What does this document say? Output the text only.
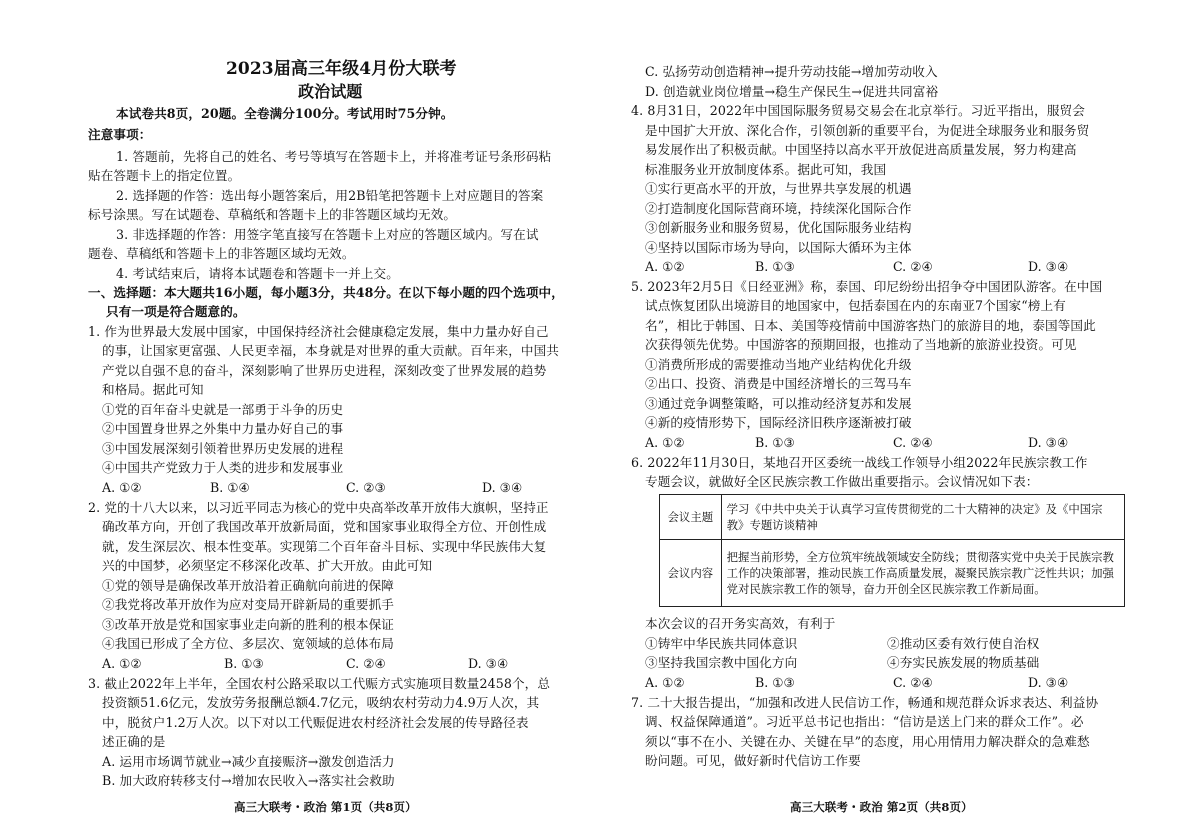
2023届高三年级4月份大联考
政治试题
本试卷共8页，20题。全卷满分100分。考试用时75分钟。
注意事项：
1. 答题前，先将自己的姓名、考号等填写在答题卡上，并将准考证号条形码粘
贴在答题卡上的指定位置。
2. 选择题的作答：选出每小题答案后，用2B铅笔把答题卡上对应题目的答案
标号涂黑。写在试题卷、草稿纸和答题卡上的非答题区域均无效。
3. 非选择题的作答：用签字笔直接写在答题卡上对应的答题区域内。写在试
题卷、草稿纸和答题卡上的非答题区域均无效。
4. 考试结束后，请将本试题卷和答题卡一并上交。
一、选择题：本大题共16小题，每小题3分，共48分。在以下每小题的四个选项中，
只有一项是符合题意的。
1. 作为世界最大发展中国家，中国保持经济社会健康稳定发展，集中力量办好自己
的事，让国家更富强、人民更幸福，本身就是对世界的重大贡献。百年来，中国共
产党以自强不息的奋斗，深刻影响了世界历史进程，深刻改变了世界发展的趋势
和格局。据此可知
①党的百年奋斗史就是一部勇于斗争的历史
②中国置身世界之外集中力量办好自己的事
③中国发展深刻引领着世界历史发展的进程
④中国共产党致力于人类的进步和发展事业
A. ①②	B. ①④	C. ②③	D. ③④
2. 党的十八大以来，以习近平同志为核心的党中央高举改革开放伟大旗帜，坚持正
确改革方向，开创了我国改革开放新局面，党和国家事业取得全方位、开创性成
就，发生深层次、根本性变革。实现第二个百年奋斗目标、实现中华民族伟大复
兴的中国梦，必须坚定不移深化改革、扩大开放。由此可知
①党的领导是确保改革开放沿着正确航向前进的保障
②我党将改革开放作为应对变局开辟新局的重要抓手
③改革开放是党和国家事业走向新的胜利的根本保证
④我国已形成了全方位、多层次、宽领域的总体布局
A. ①②	B. ①③	C. ②④	D. ③④
3. 截止2022年上半年，全国农村公路采取以工代赈方式实施项目数量2458个，总
投资额51.6亿元，发放劳务报酬总额4.7亿元，吸纳农村劳动力4.9万人次，其
中，脱贫户1.2万人次。以下对以工代赈促进农村经济社会发展的传导路径表
述正确的是
A. 运用市场调节就业→减少直接赈济→激发创造活力
B. 加大政府转移支付→增加农民收入→落实社会救助
高三大联考・政治 第1页（共8页）
C. 弘扬劳动创造精神→提升劳动技能→增加劳动收入
D. 创造就业岗位增量→稳生产保民生→促进共同富裕
4. 8月31日，2022年中国国际服务贸易交易会在北京举行。习近平指出，服贸会
是中国扩大开放、深化合作，引领创新的重要平台，为促进全球服务业和服务贸
易发展作出了积极贡献。中国坚持以高水平开放促进高质量发展，努力构建高
标准服务业开放制度体系。据此可知，我国
①实行更高水平的开放，与世界共享发展的机遇
②打造制度化国际营商环境，持续深化国际合作
③创新服务业和服务贸易，优化国际服务业结构
④坚持以国际市场为导向，以国际大循环为主体
A. ①②	B. ①③	C. ②④	D. ③④
5. 2023年2月5日《日经亚洲》称，泰国、印尼纷纷出招争夺中国团队游客。在中国
试点恢复团队出境游目的地国家中，包括泰国在内的东南亚7个国家“榜上有
名”，相比于韩国、日本、美国等疫情前中国游客热门的旅游目的地，泰国等国此
次获得领先优势。中国游客的预期回报，也推动了当地新的旅游业投资。可见
①消费所形成的需要推动当地产业结构优化升级
②出口、投资、消费是中国经济增长的三驾马车
③通过竞争调整策略，可以推动经济复苏和发展
④新的疫情形势下，国际经济旧秩序逐渐被打破
A. ①②	B. ①③	C. ②④	D. ③④
6. 2022年11月30日，某地召开区委统一战线工作领导小组2022年民族宗教工作
专题会议，就做好全区民族宗教工作做出重要指示。会议情况如下表：
会议主题	学习《中共中央关于认真学习宣传贯彻党的二十大精神的决定》及《中国宗教》专题访谈精神
会议内容	把握当前形势，全方位筑牢统战领域安全防线；贯彻落实党中央关于民族宗教工作的决策部署，推动民族工作高质量发展，凝聚民族宗教广泛性共识；加强党对民族宗教工作的领导，奋力开创全区民族宗教工作新局面。
本次会议的召开务实高效，有利于
①铸牢中华民族共同体意识	②推动区委有效行使自治权
③坚持我国宗教中国化方向	④夯实民族发展的物质基础
A. ①②	B. ①③	C. ②④	D. ③④
7. 二十大报告提出，“加强和改进人民信访工作，畅通和规范群众诉求表达、利益协
调、权益保障通道”。习近平总书记也指出：“信访是送上门来的群众工作”。必
须以“事不在小、关键在办、关键在早”的态度，用心用情用力解决群众的急难愁
盼问题。可见，做好新时代信访工作要
高三大联考・政治 第2页（共8页）
